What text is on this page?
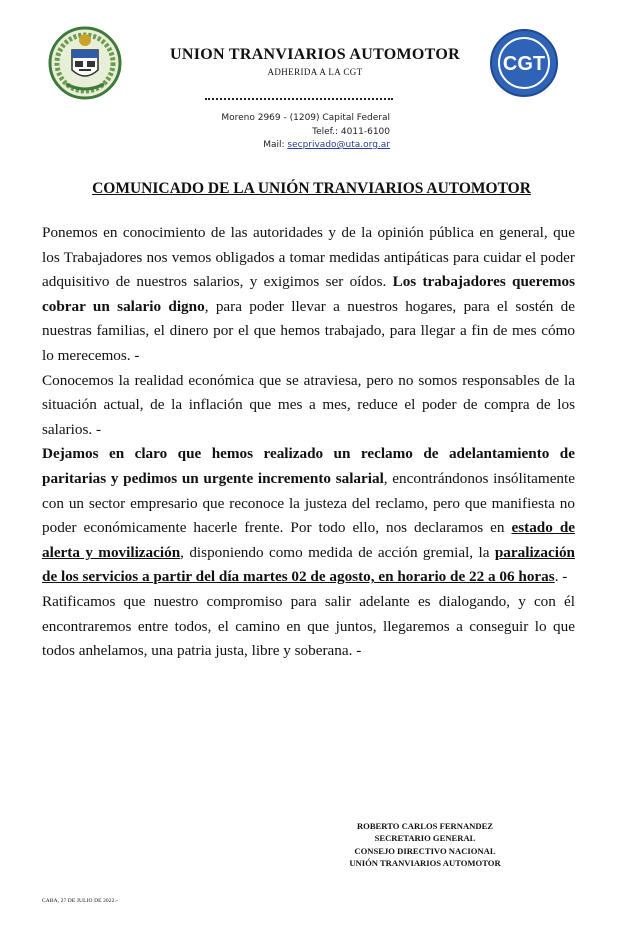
UNION TRANVIARIOS AUTOMOTOR
ADHERIDA A LA CGT	CGT
Moreno 2969 - (1209) Capital Federal
Telef.: 4011-6100
Mail: secprivado@uta.org.ar
COMUNICADO DE LA UNIÓN TRANVIARIOS AUTOMOTOR

Ponemos en conocimiento de las autoridades y de la opinión pública en general, que los Trabajadores nos vemos obligados a tomar medidas antipáticas para cuidar el poder adquisitivo de nuestros salarios, y exigimos ser oídos. Los trabajadores queremos cobrar un salario digno, para poder llevar a nuestros hogares, para el sostén de nuestras familias, el dinero por el que hemos trabajado, para llegar a fin de mes cómo lo merecemos. -

Conocemos la realidad económica que se atraviesa, pero no somos responsables de la situación actual, de la inflación que mes a mes, reduce el poder de compra de los salarios. -

Dejamos en claro que hemos realizado un reclamo de adelantamiento de paritarias y pedimos un urgente incremento salarial, encontrándonos insólitamente con un sector empresario que reconoce la justeza del reclamo, pero que manifiesta no poder económicamente hacerle frente. Por todo ello, nos declaramos en estado de alerta y movilización, disponiendo como medida de acción gremial, la paralización de los servicios a partir del día martes 02 de agosto, en horario de 22 a 06 horas. -

Ratificamos que nuestro compromiso para salir adelante es dialogando, y con él encontraremos entre todos, el camino en que juntos, llegaremos a conseguir lo que todos anhelamos, una patria justa, libre y soberana. -

ROBERTO CARLOS FERNANDEZ
SECRETARIO GENERAL
CONSEJO DIRECTIVO NACIONAL
UNIÓN TRANVIARIOS AUTOMOTOR
CABA, 27 DE JULIO DE 2022.-
